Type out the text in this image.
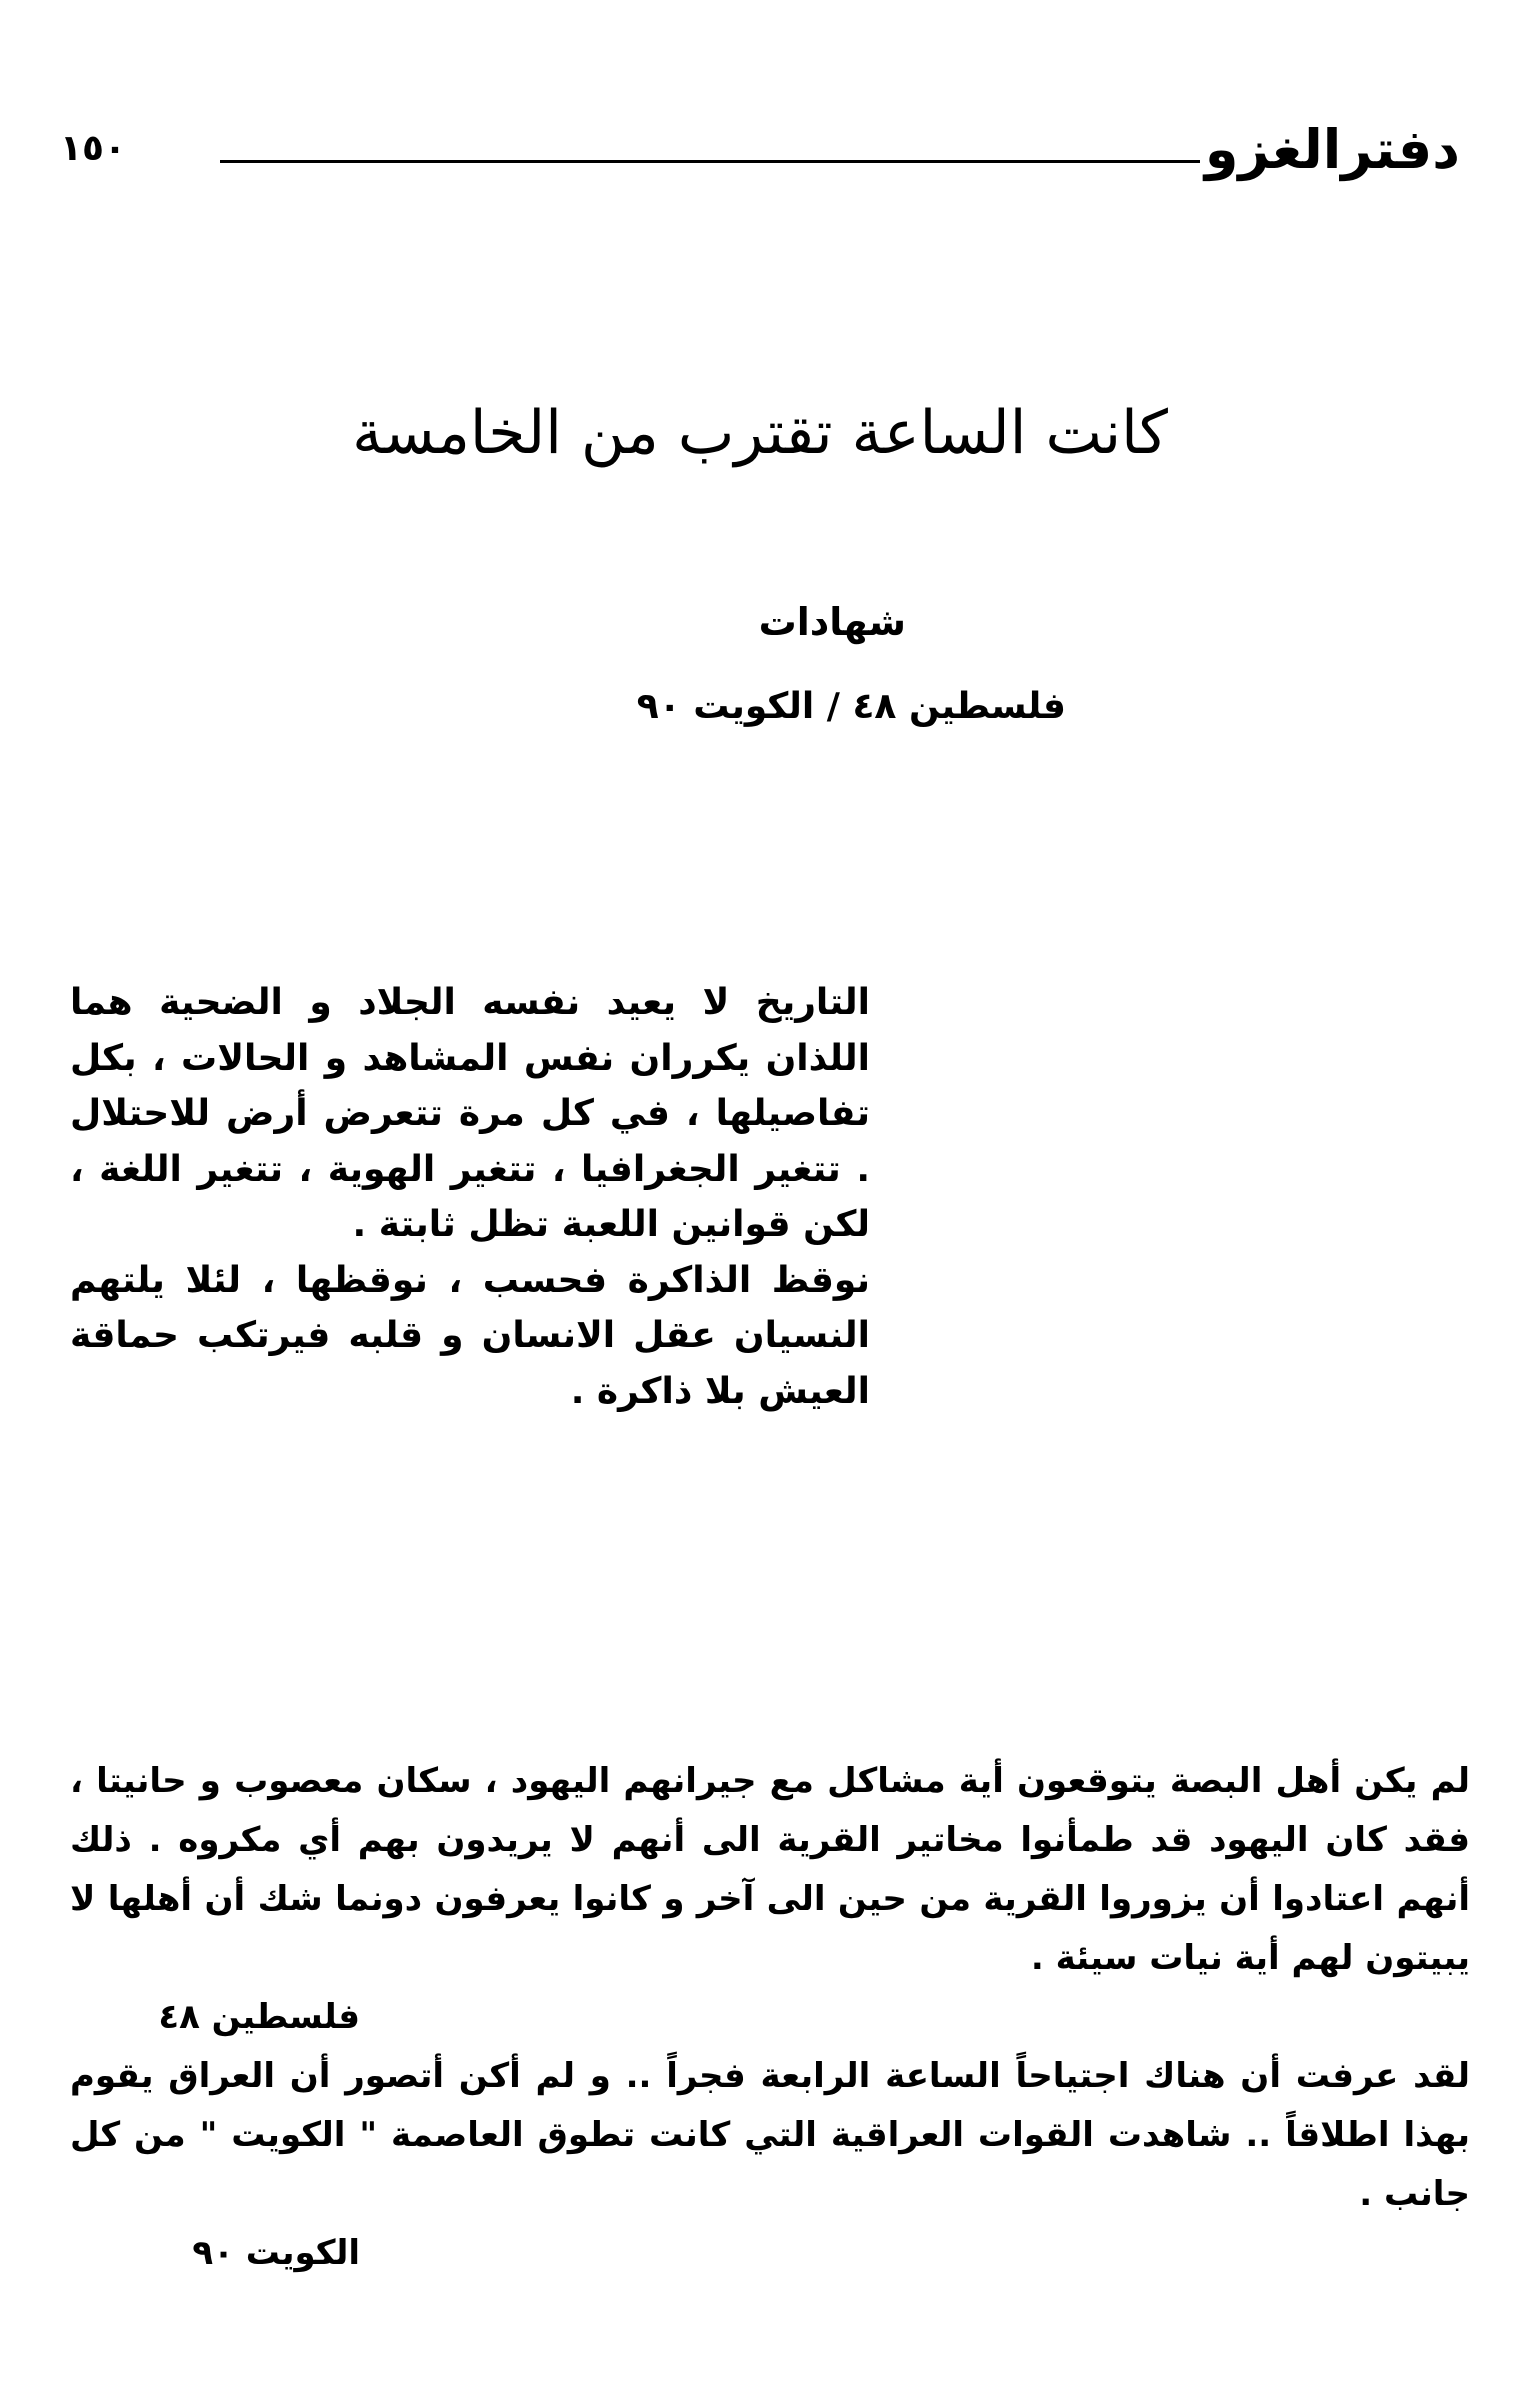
دفترالغزو
١٥٠
كانت الساعة تقترب من الخامسة
شهادات
فلسطين ٤٨ / الكويت ٩٠

التاريخ لا يعيد نفسه الجلاد و الضحية هما اللذان يكرران نفس المشاهد و الحالات ، بكل تفاصيلها ، في كل مرة تتعرض أرض للاحتلال . تتغير الجغرافيا ، تتغير الهوية ، تتغير اللغة ، لكن قوانين اللعبة تظل ثابتة .

نوقظ الذاكرة فحسب ، نوقظها ، لئلا يلتهم النسيان عقل الانسان و قلبه فيرتكب حماقة العيش بلا ذاكرة .

لم يكن أهل البصة يتوقعون أية مشاكل مع جيرانهم اليهود ، سكان معصوب و حانيتا ، فقد كان اليهود قد طمأنوا مخاتير القرية الى أنهم لا يريدون بهم أي مكروه . ذلك أنهم اعتادوا أن يزوروا القرية من حين الى آخر و كانوا يعرفون دونما شك أن أهلها لا يبيتون لهم أية نيات سيئة .

فلسطين ٤٨

لقد عرفت أن هناك اجتياحاً الساعة الرابعة فجراً .. و لم أكن أتصور أن العراق يقوم بهذا اطلاقاً .. شاهدت القوات العراقية التي كانت تطوق العاصمة " الكويت " من كل جانب .

الكويت ٩٠
